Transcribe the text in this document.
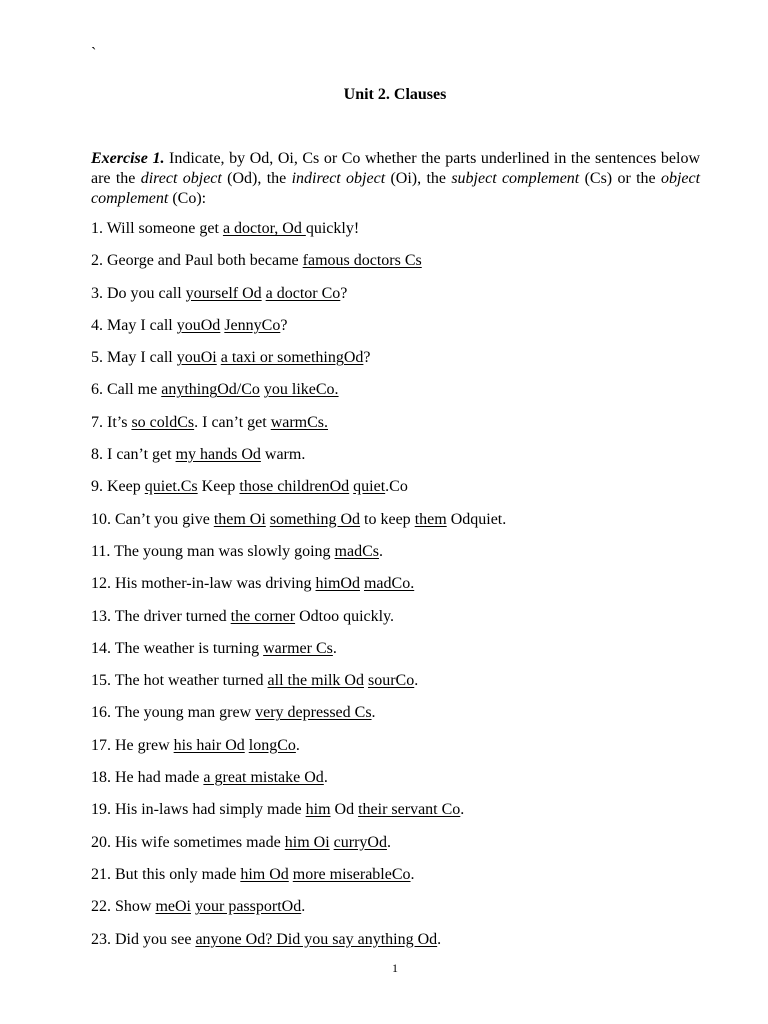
`
Unit 2. Clauses
Exercise 1. Indicate, by Od, Oi, Cs or Co whether the parts underlined in the sentences below are the direct object (Od), the indirect object (Oi), the subject complement (Cs) or the object complement (Co):
1. Will someone get a doctor, Od quickly!
2. George and Paul both became famous doctors Cs
3. Do you call yourself Od a doctor Co?
4. May I call youOd JennyCo?
5. May I call youOi a taxi or somethingOd?
6. Call me anythingOd/Co you likeCo.
7. It’s so coldCs. I can’t get warmCs.
8. I can’t get my hands Od warm.
9. Keep quiet.Cs Keep those childrenOd quiet.Co
10. Can’t you give them Oi something Od to keep them Odquiet.
11. The young man was slowly going madCs.
12. His mother-in-law was driving himOd madCo.
13. The driver turned the corner Odtoo quickly.
14. The weather is turning warmer Cs.
15. The hot weather turned all the milk Od sourCo.
16. The young man grew very depressed Cs.
17. He grew his hair Od longCo.
18. He had made a great mistake Od.
19. His in-laws had simply made him Od their servant Co.
20. His wife sometimes made him Oi curryOd.
21. But this only made him Od more miserableCo.
22. Show meOi your passportOd.
23. Did you see anyone Od? Did you say anything Od.
1
